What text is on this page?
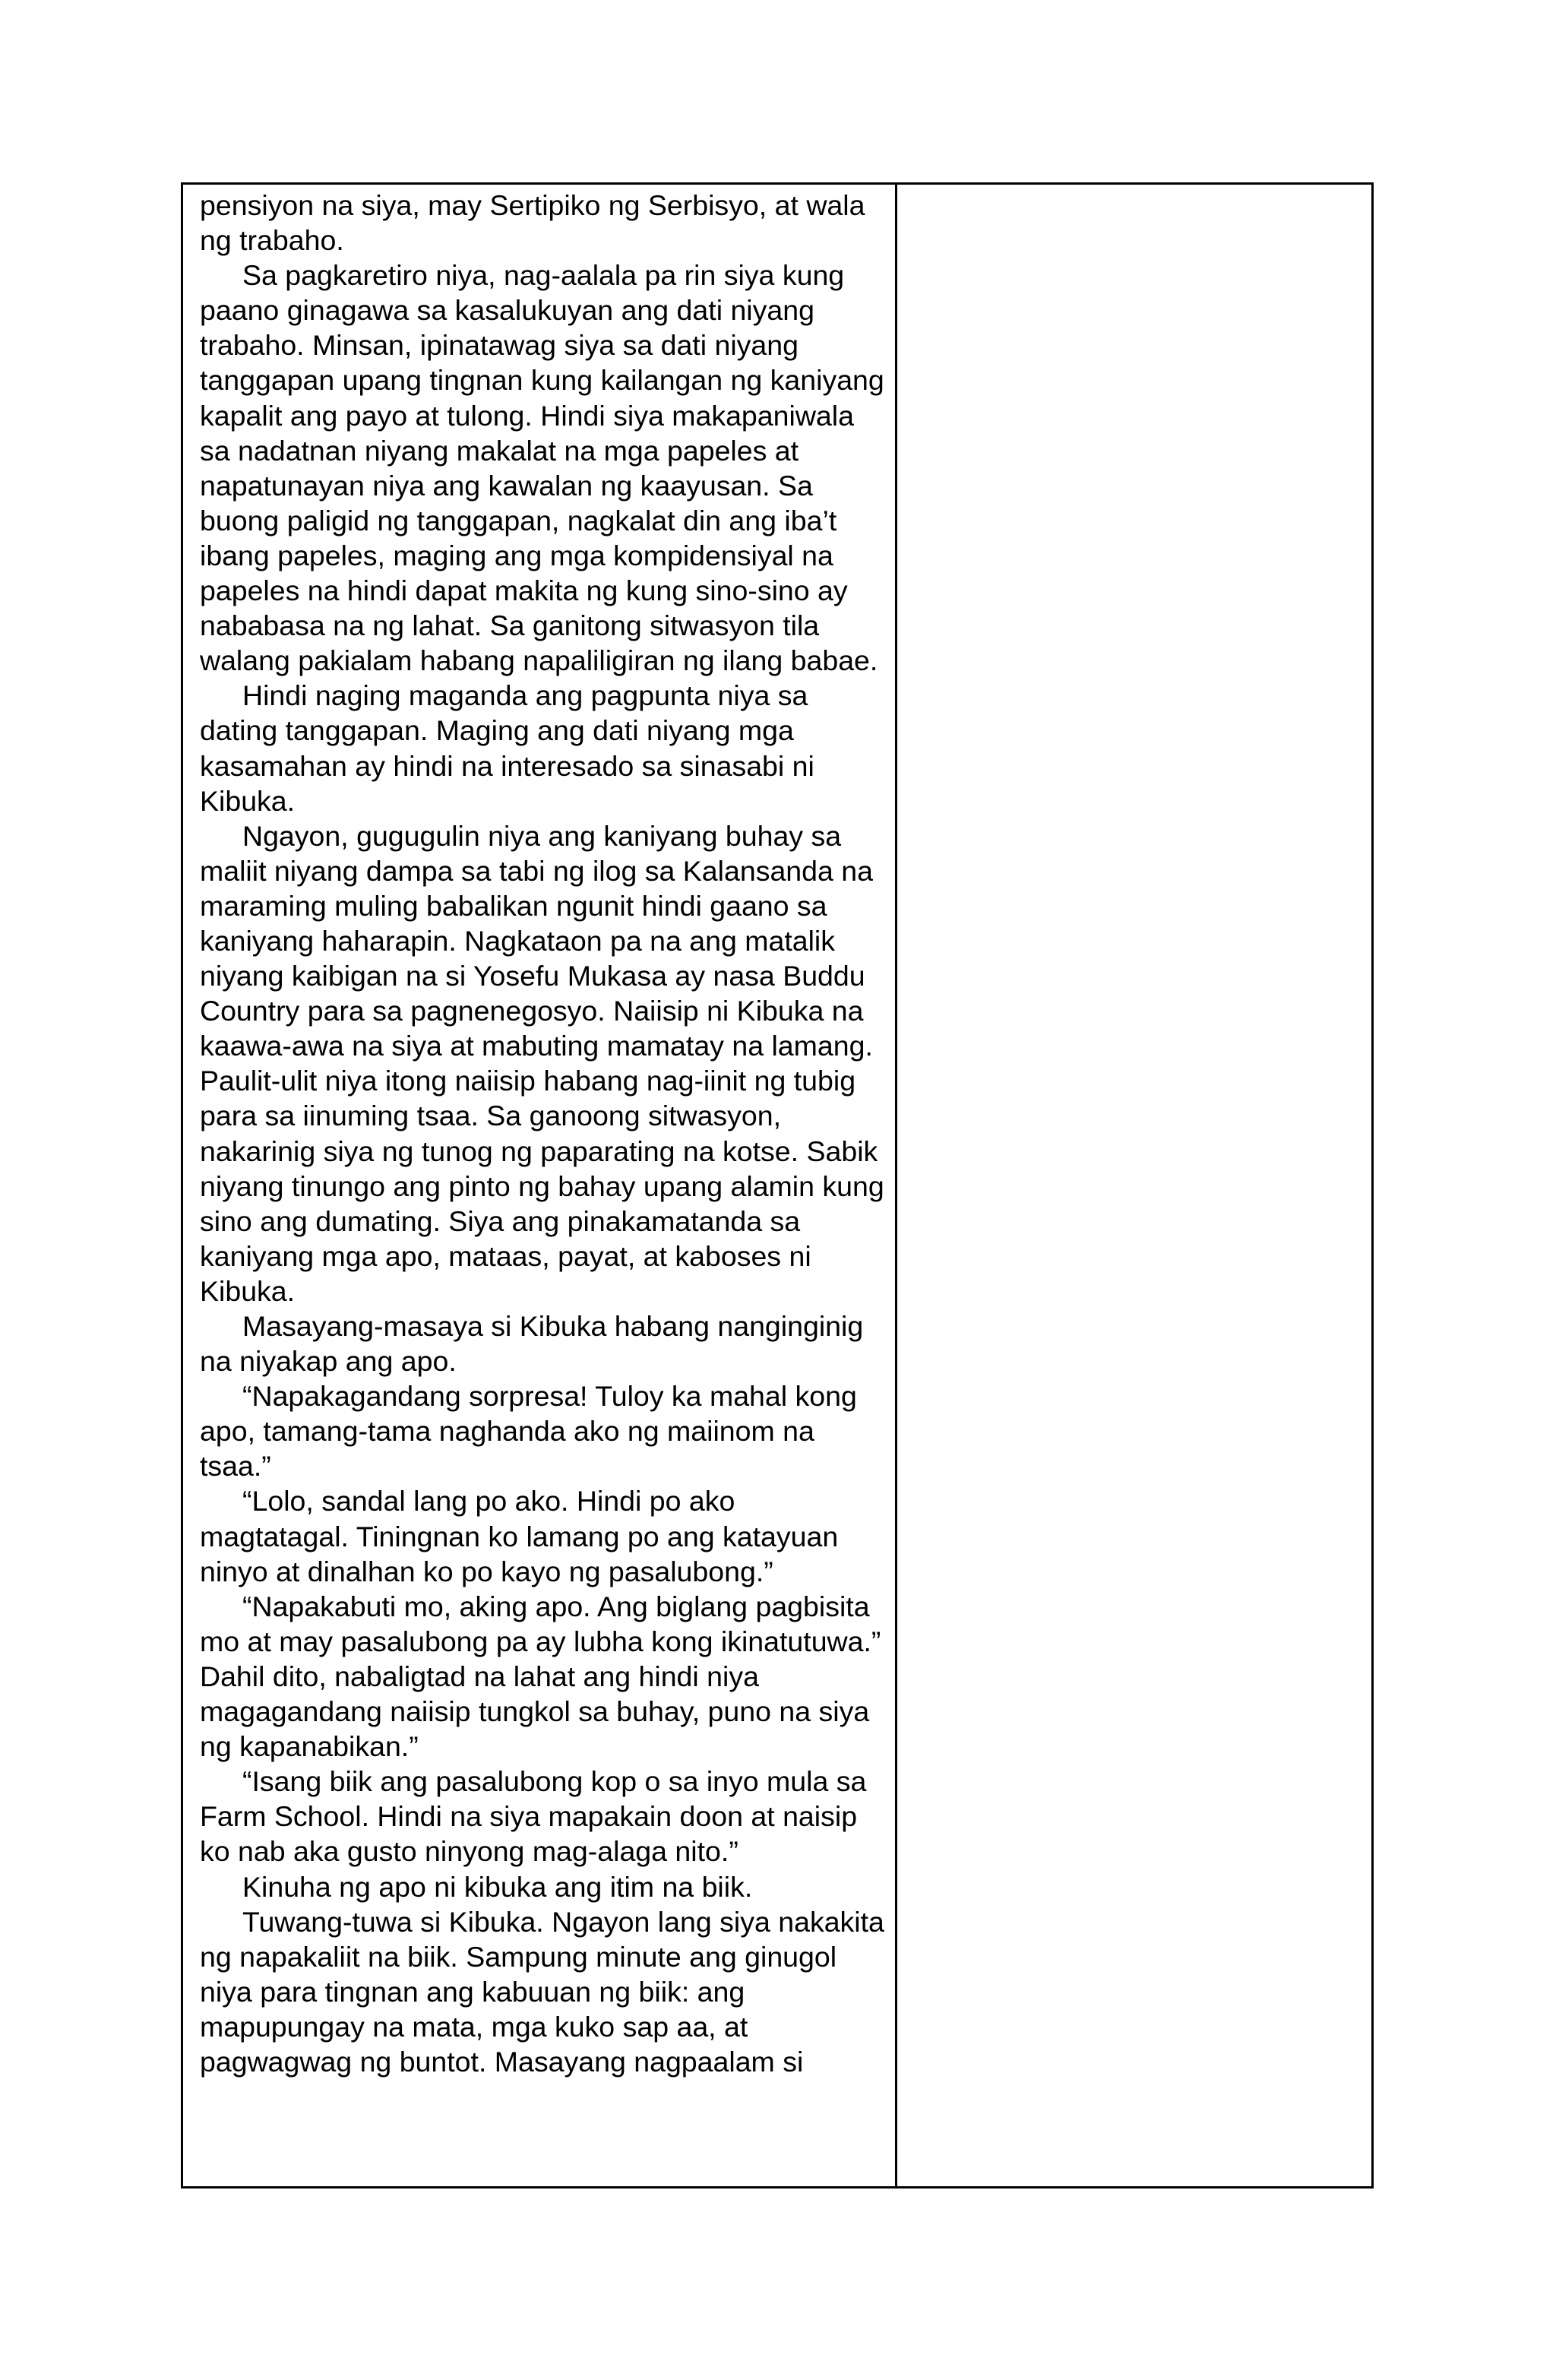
pensiyon na siya, may Sertipiko ng Serbisyo, at wala ng trabaho.

Sa pagkaretiro niya, nag-aalala pa rin siya kung paano ginagawa sa kasalukuyan ang dati niyang trabaho. Minsan, ipinatawag siya sa dati niyang tanggapan upang tingnan kung kailangan ng kaniyang kapalit ang payo at tulong. Hindi siya makapaniwala sa nadatnan niyang makalat na mga papeles at napatunayan niya ang kawalan ng kaayusan. Sa buong paligid ng tanggapan, nagkalat din ang iba’t ibang papeles, maging ang mga kompidensiyal na papeles na hindi dapat makita ng kung sino-sino ay nababasa na ng lahat. Sa ganitong sitwasyon tila walang pakialam habang napaliligiran ng ilang babae.

Hindi naging maganda ang pagpunta niya sa dating tanggapan. Maging ang dati niyang mga kasamahan ay hindi na interesado sa sinasabi ni Kibuka.

Ngayon, gugugulin niya ang kaniyang buhay sa maliit niyang dampa sa tabi ng ilog sa Kalansanda na maraming muling babalikan ngunit hindi gaano sa kaniyang haharapin. Nagkataon pa na ang matalik niyang kaibigan na si Yosefu Mukasa ay nasa Buddu Country para sa pagnenegosyo. Naiisip ni Kibuka na kaawa-awa na siya at mabuting mamatay na lamang. Paulit-ulit niya itong naiisip habang nag-iinit ng tubig para sa iinuming tsaa. Sa ganoong sitwasyon, nakarinig siya ng tunog ng paparating na kotse. Sabik niyang tinungo ang pinto ng bahay upang alamin kung sino ang dumating. Siya ang pinakamatanda sa kaniyang mga apo, mataas, payat, at kaboses ni Kibuka.

Masayang-masaya si Kibuka habang nanginginig na niyakap ang apo.

“Napakagandang sorpresa! Tuloy ka mahal kong apo, tamang-tama naghanda ako ng maiinom na tsaa.”

“Lolo, sandal lang po ako. Hindi po ako magtatagal. Tiningnan ko lamang po ang katayuan ninyo at dinalhan ko po kayo ng pasalubong.”

“Napakabuti mo, aking apo. Ang biglang pagbisita mo at may pasalubong pa ay lubha kong ikinatutuwa.” Dahil dito, nabaligtad na lahat ang hindi niya magagandang naiisip tungkol sa buhay, puno na siya ng kapanabikan.”

“Isang biik ang pasalubong kop o sa inyo mula sa Farm School. Hindi na siya mapakain doon at naisip ko nab aka gusto ninyong mag-alaga nito.”

Kinuha ng apo ni kibuka ang itim na biik.

Tuwang-tuwa si Kibuka. Ngayon lang siya nakakita ng napakaliit na biik. Sampung minute ang ginugol niya para tingnan ang kabuuan ng biik: ang mapupungay na mata, mga kuko sap aa, at pagwagwag ng buntot. Masayang nagpaalam si
